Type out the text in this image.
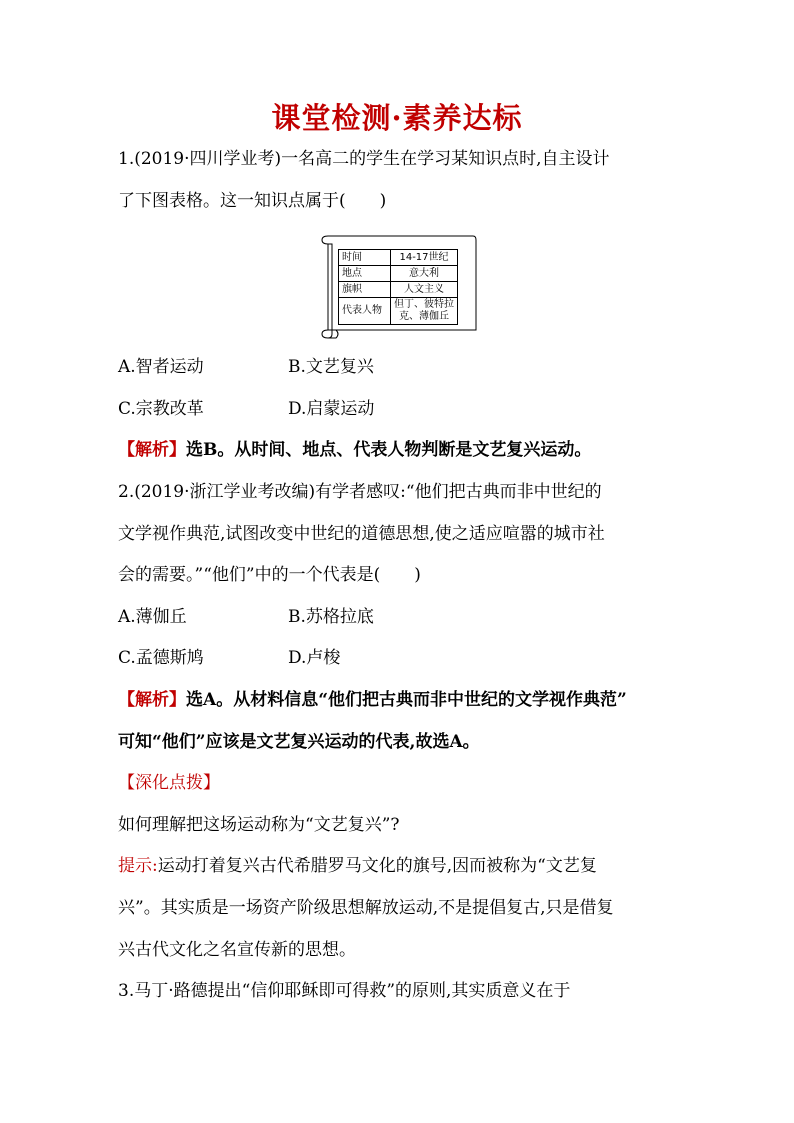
课堂检测·素养达标
1.(2019·四川学业考)一名高二的学生在学习某知识点时,自主设计
了下图表格。这一知识点属于(　　)
时间	14-17世纪
地点	意大利
旗帜	人文主义
代表人物	但丁、彼特拉克、薄伽丘
A.智者运动	B.文艺复兴
C.宗教改革	D.启蒙运动
【解析】选B。从时间、地点、代表人物判断是文艺复兴运动。
2.(2019·浙江学业考改编)有学者感叹:“他们把古典而非中世纪的
文学视作典范,试图改变中世纪的道德思想,使之适应喧嚣的城市社
会的需要。”“他们”中的一个代表是(　　)
A.薄伽丘	B.苏格拉底
C.孟德斯鸠	D.卢梭
【解析】选A。从材料信息“他们把古典而非中世纪的文学视作典范”
可知“他们”应该是文艺复兴运动的代表,故选A。
【深化点拨】
如何理解把这场运动称为“文艺复兴”?
提示:运动打着复兴古代希腊罗马文化的旗号,因而被称为“文艺复
兴”。其实质是一场资产阶级思想解放运动,不是提倡复古,只是借复
兴古代文化之名宣传新的思想。
3.马丁·路德提出“信仰耶稣即可得救”的原则,其实质意义在于
